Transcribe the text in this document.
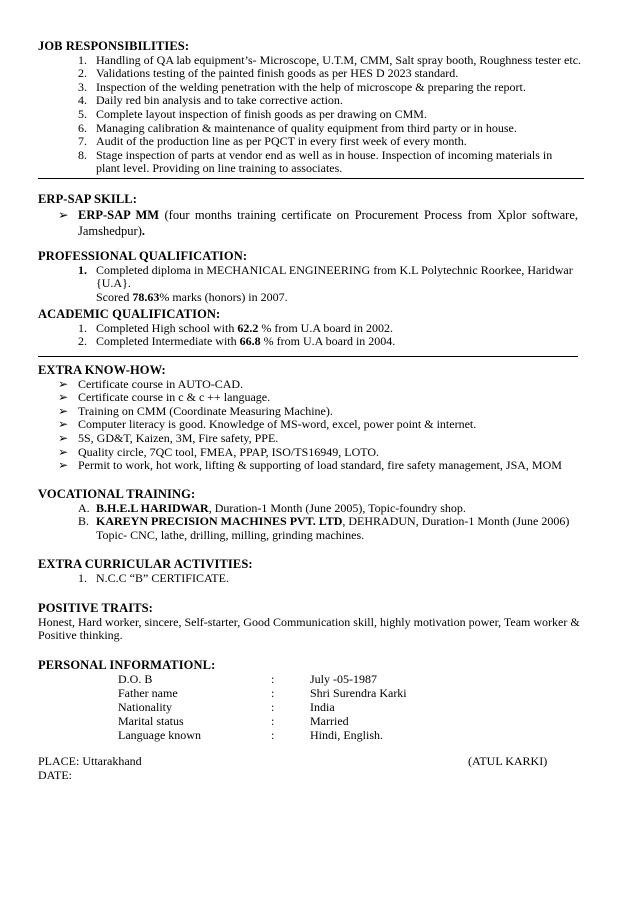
JOB RESPONSIBILITIES:
1. Handling of QA lab equipment’s- Microscope, U.T.M, CMM, Salt spray booth, Roughness tester etc.
2. Validations testing of the painted finish goods as per HES D 2023 standard.
3. Inspection of the welding penetration with the help of microscope & preparing the report.
4. Daily red bin analysis and to take corrective action.
5. Complete layout inspection of finish goods as per drawing on CMM.
6. Managing calibration & maintenance of quality equipment from third party or in house.
7. Audit of the production line as per PQCT in every first week of every month.
8. Stage inspection of parts at vendor end as well as in house. Inspection of incoming materials in plant level. Providing on line training to associates.
ERP-SAP SKILL:
➢ ERP-SAP MM (four months training certificate on Procurement Process from Xplor software, Jamshedpur).
PROFESSIONAL QUALIFICATION:
1. Completed diploma in MECHANICAL ENGINEERING from K.L Polytechnic Roorkee, Haridwar {U.A}.
Scored 78.63% marks (honors) in 2007.
ACADEMIC QUALIFICATION:
1. Completed High school with 62.2 % from U.A board in 2002.
2. Completed Intermediate with 66.8 % from U.A board in 2004.
EXTRA KNOW-HOW:
➢ Certificate course in AUTO-CAD.
➢ Certificate course in c & c ++ language.
➢ Training on CMM (Coordinate Measuring Machine).
➢ Computer literacy is good. Knowledge of MS-word, excel, power point & internet.
➢ 5S, GD&T, Kaizen, 3M, Fire safety, PPE.
➢ Quality circle, 7QC tool, FMEA, PPAP, ISO/TS16949, LOTO.
➢ Permit to work, hot work, lifting & supporting of load standard, fire safety management, JSA, MOM
VOCATIONAL TRAINING:
A. B.H.E.L HARIDWAR, Duration-1 Month (June 2005), Topic-foundry shop.
B. KAREYN PRECISION MACHINES PVT. LTD, DEHRADUN, Duration-1 Month (June 2006)
Topic- CNC, lathe, drilling, milling, grinding machines.
EXTRA CURRICULAR ACTIVITIES:
1. N.C.C “B” CERTIFICATE.
POSITIVE TRAITS:
Honest, Hard worker, sincere, Self-starter, Good Communication skill, highly motivation power, Team worker & Positive thinking.
PERSONAL INFORMATIONL:
D.O. B	:	July -05-1987
Father name	:	Shri Surendra Karki
Nationality	:	India
Marital status	:	Married
Language known	:	Hindi, English.
PLACE: Uttarakhand
DATE:
(ATUL KARKI)
